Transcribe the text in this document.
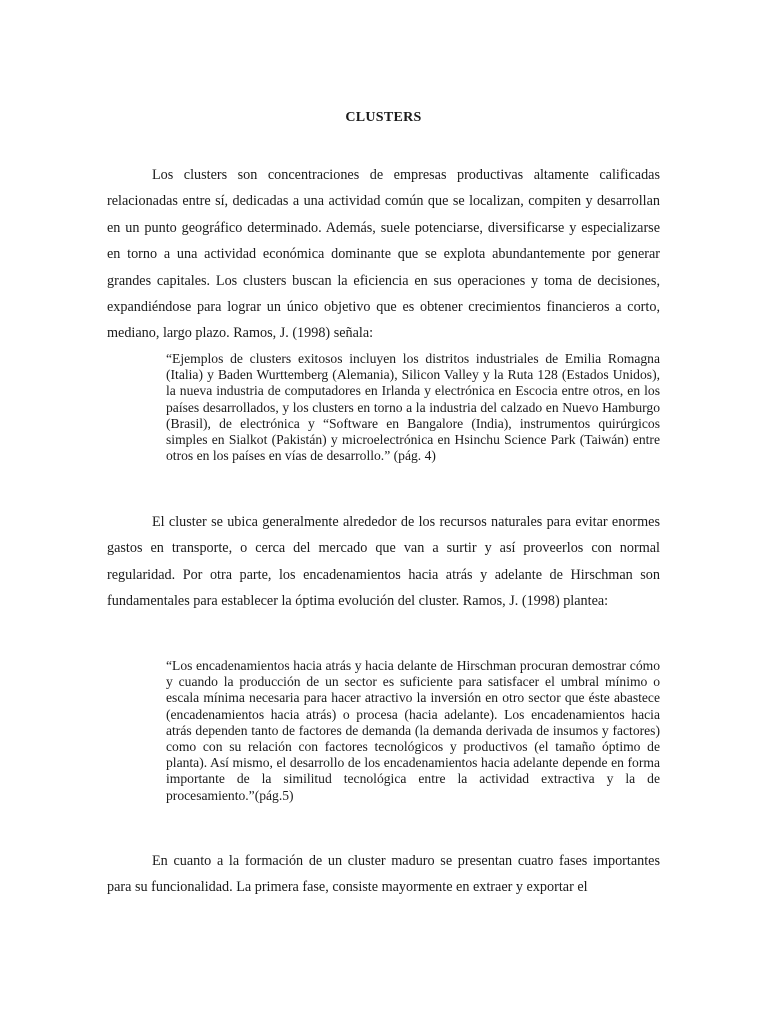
CLUSTERS

Los clusters son concentraciones de empresas productivas altamente calificadas relacionadas entre sí, dedicadas a una actividad común que se localizan, compiten y desarrollan en un punto geográfico determinado. Además, suele potenciarse, diversificarse y especializarse en torno a una actividad económica dominante que se explota abundantemente por generar grandes capitales. Los clusters buscan la eficiencia en sus operaciones y toma de decisiones, expandiéndose para lograr un único objetivo que es obtener crecimientos financieros a corto, mediano, largo plazo. Ramos, J. (1998) señala:

“Ejemplos de clusters exitosos incluyen los distritos industriales de Emilia Romagna (Italia) y Baden Wurttemberg (Alemania), Silicon Valley y la Ruta 128 (Estados Unidos), la nueva industria de computadores en Irlanda y electrónica en Escocia entre otros, en los países desarrollados, y los clusters en torno a la industria del calzado en Nuevo Hamburgo (Brasil), de electrónica y “Software en Bangalore (India), instrumentos quirúrgicos simples en Sialkot (Pakistán) y microelectrónica en Hsinchu Science Park (Taiwán) entre otros en los países en vías de desarrollo.” (pág. 4)

El cluster se ubica generalmente alrededor de los recursos naturales para evitar enormes gastos en transporte, o cerca del mercado que van a surtir y así proveerlos con normal regularidad. Por otra parte, los encadenamientos hacia atrás y adelante de Hirschman son fundamentales para establecer la óptima evolución del cluster. Ramos, J. (1998) plantea:

“Los encadenamientos hacia atrás y hacia delante de Hirschman procuran demostrar cómo y cuando la producción de un sector es suficiente para satisfacer el umbral mínimo o escala mínima necesaria para hacer atractivo la inversión en otro sector que éste abastece (encadenamientos hacia atrás) o procesa (hacia adelante). Los encadenamientos hacia atrás dependen tanto de factores de demanda (la demanda derivada de insumos y factores) como con su relación con factores tecnológicos y productivos (el tamaño óptimo de planta). Así mismo, el desarrollo de los encadenamientos hacia adelante depende en forma importante de la similitud tecnológica entre la actividad extractiva y la de procesamiento.”(pág.5)

En cuanto a la formación de un cluster maduro se presentan cuatro fases importantes para su funcionalidad. La primera fase, consiste mayormente en extraer y exportar el
